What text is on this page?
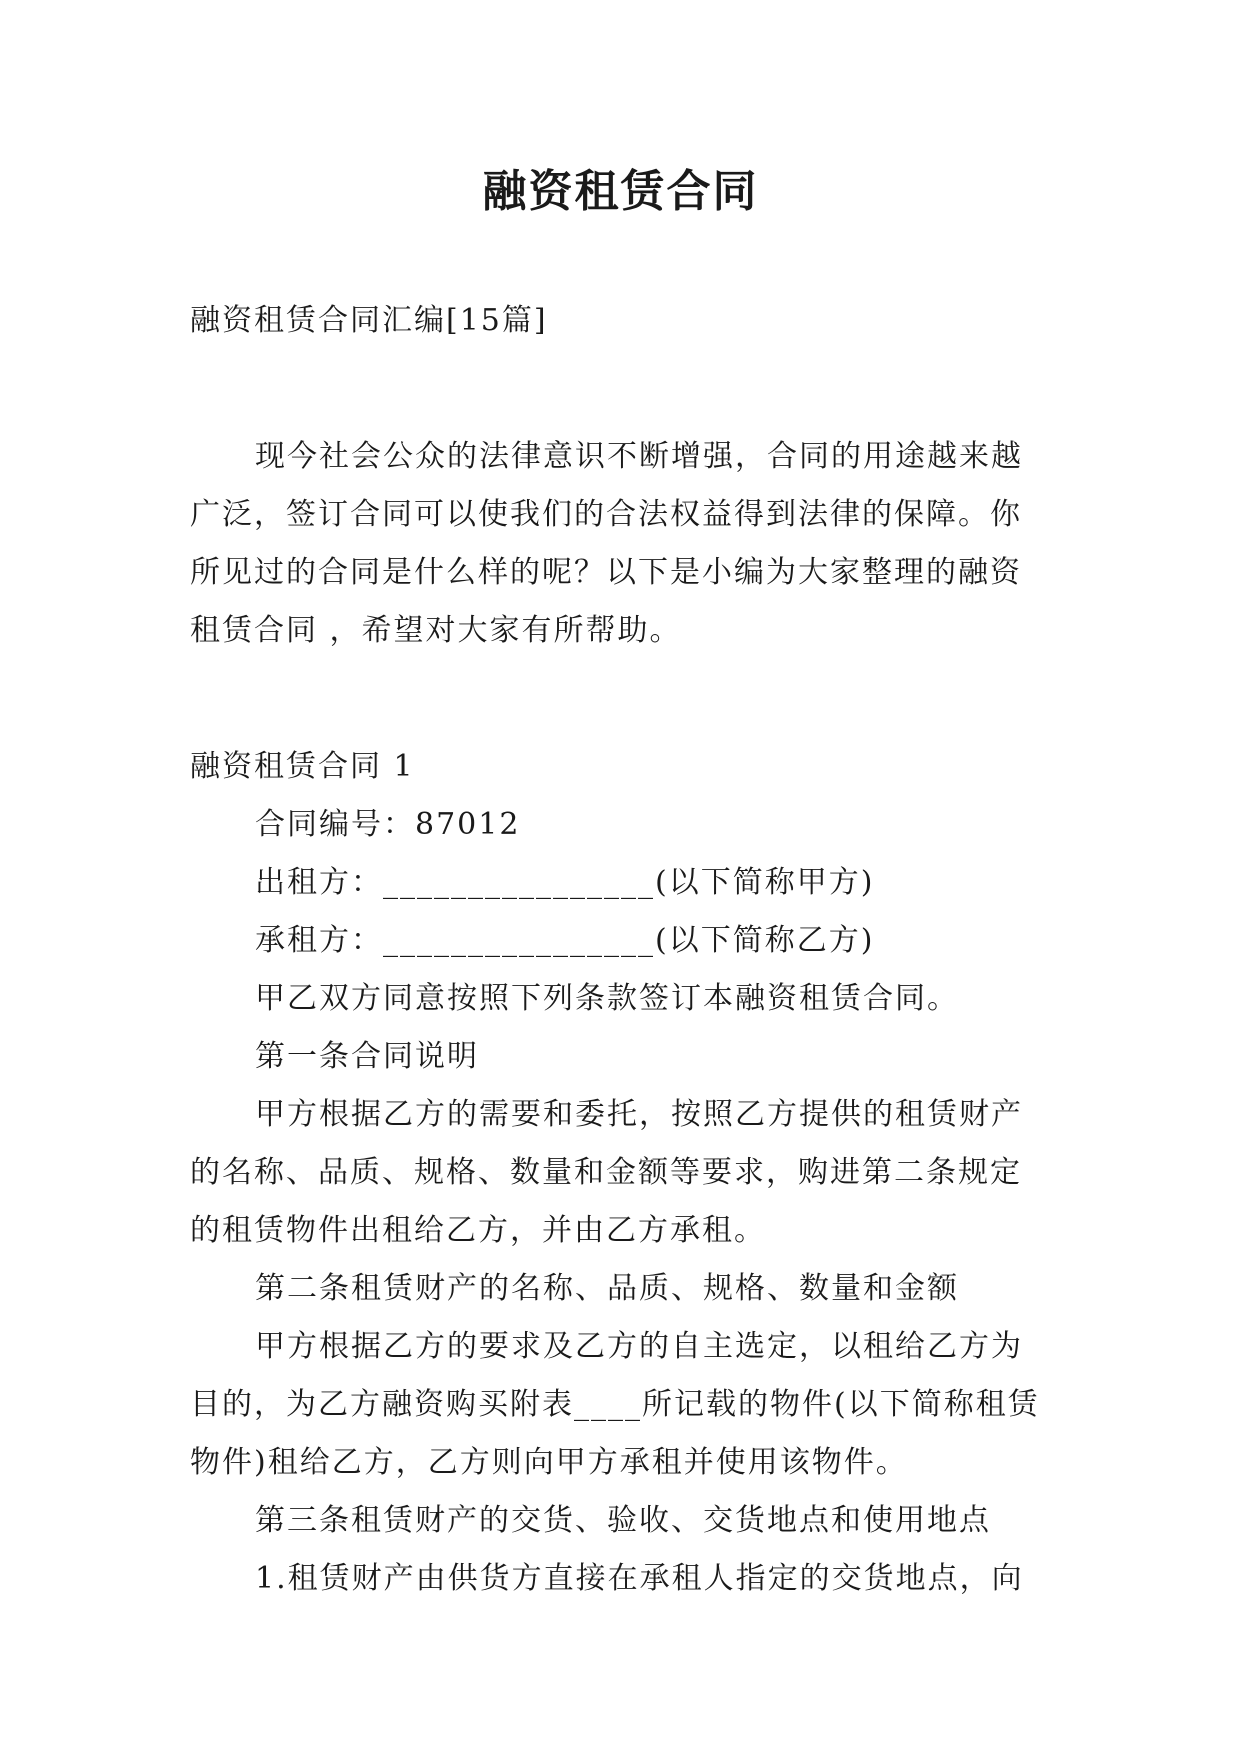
融资租赁合同

融资租赁合同汇编[15篇]

现今社会公众的法律意识不断增强，合同的用途越来越广泛，签订合同可以使我们的合法权益得到法律的保障。你所见过的合同是什么样的呢？以下是小编为大家整理的融资租赁合同 ，希望对大家有所帮助。

融资租赁合同 1

合同编号：87012

出租方：________________(以下简称甲方)

承租方：________________(以下简称乙方)

甲乙双方同意按照下列条款签订本融资租赁合同。

第一条合同说明

甲方根据乙方的需要和委托，按照乙方提供的租赁财产的名称、品质、规格、数量和金额等要求，购进第二条规定的租赁物件出租给乙方，并由乙方承租。

第二条租赁财产的名称、品质、规格、数量和金额

甲方根据乙方的要求及乙方的自主选定，以租给乙方为目的，为乙方融资购买附表____所记载的物件(以下简称租赁物件)租给乙方，乙方则向甲方承租并使用该物件。

第三条租赁财产的交货、验收、交货地点和使用地点

1.租赁财产由供货方直接在承租人指定的交货地点，向
